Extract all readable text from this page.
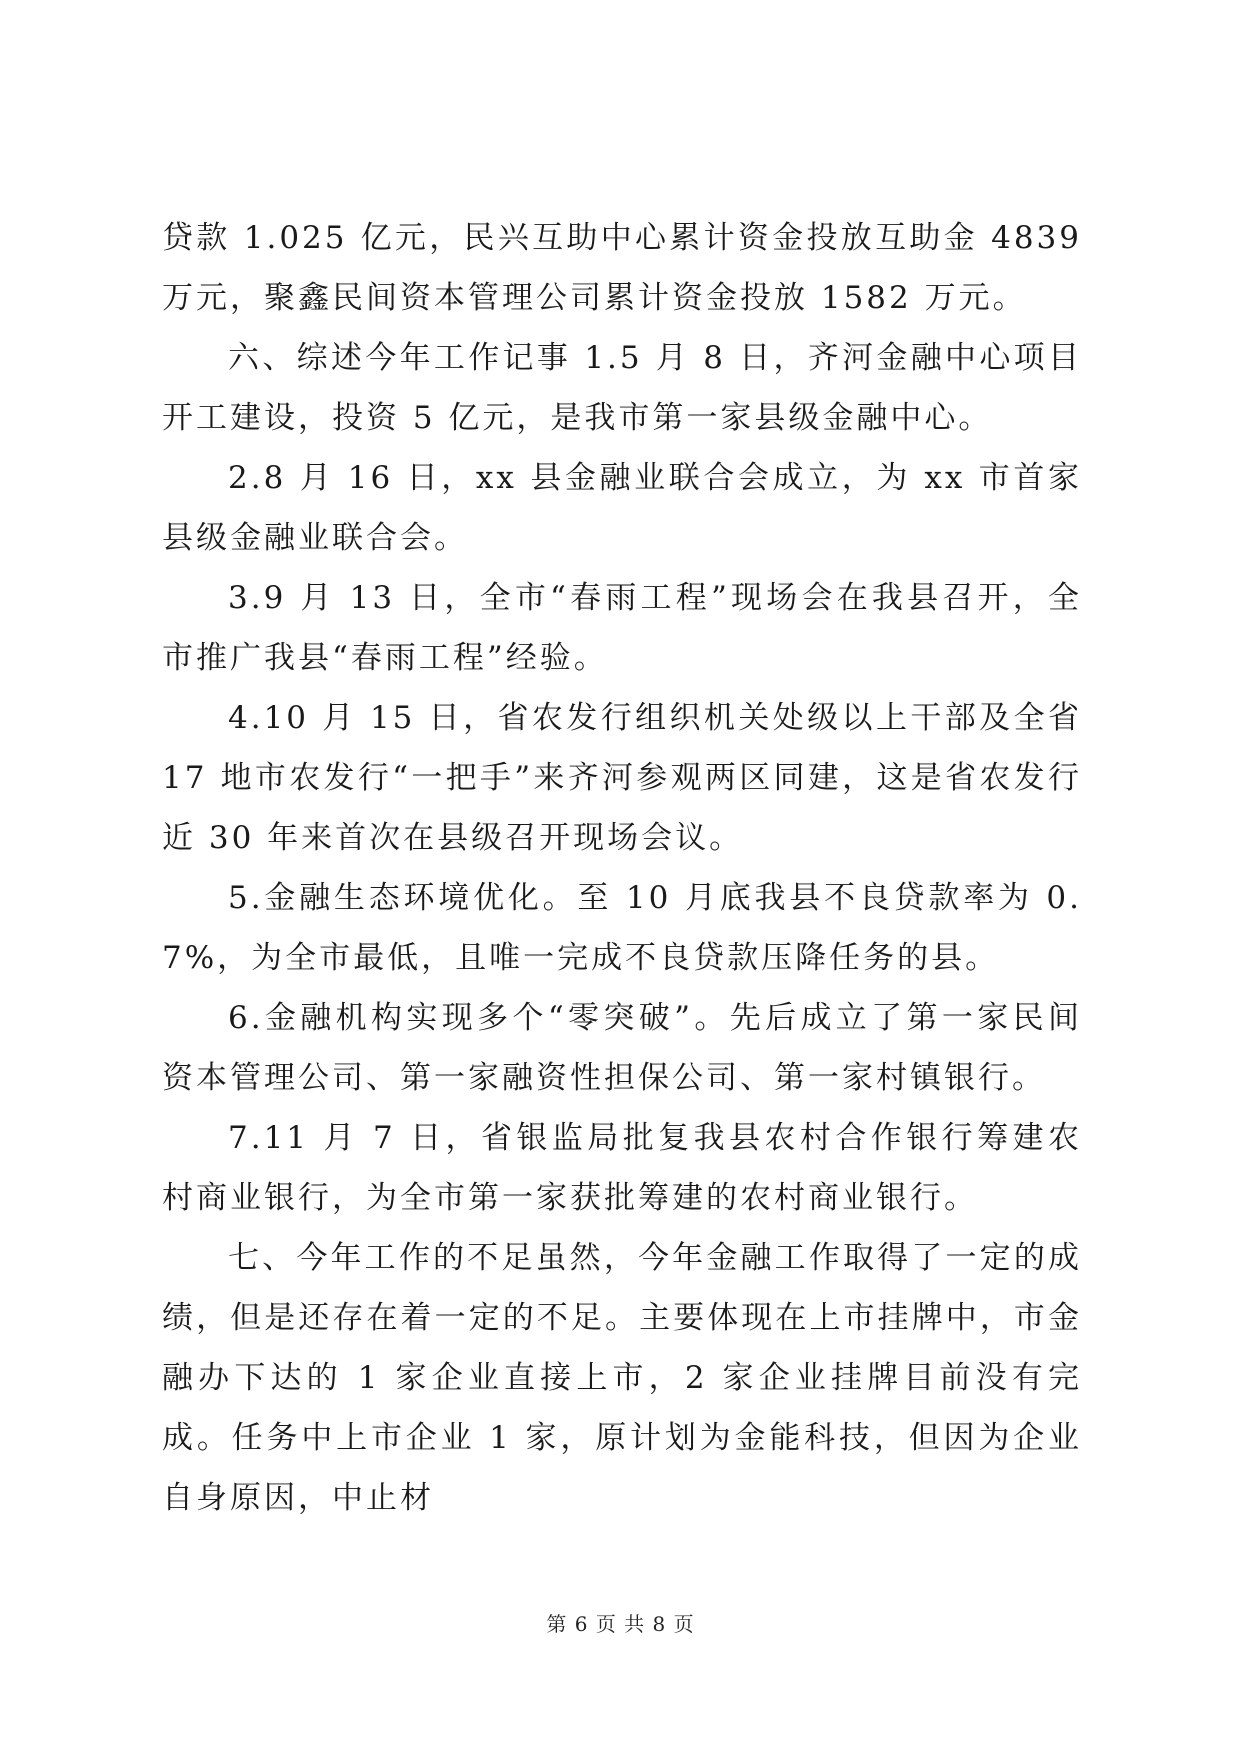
贷款 1.025 亿元，民兴互助中心累计资金投放互助金 4839 万元，聚鑫民间资本管理公司累计资金投放 1582 万元。

六、综述今年工作记事 1.5 月 8 日，齐河金融中心项目开工建设，投资 5 亿元，是我市第一家县级金融中心。

2.8 月 16 日，xx 县金融业联合会成立，为 xx 市首家县级金融业联合会。

3.9 月 13 日，全市“春雨工程”现场会在我县召开，全市推广我县“春雨工程”经验。

4.10 月 15 日，省农发行组织机关处级以上干部及全省 17 地市农发行“一把手”来齐河参观两区同建，这是省农发行近 30 年来首次在县级召开现场会议。

5.金融生态环境优化。至 10 月底我县不良贷款率为 0.7%，为全市最低，且唯一完成不良贷款压降任务的县。

6.金融机构实现多个“零突破”。先后成立了第一家民间资本管理公司、第一家融资性担保公司、第一家村镇银行。

7.11 月 7 日，省银监局批复我县农村合作银行筹建农村商业银行，为全市第一家获批筹建的农村商业银行。

七、今年工作的不足虽然，今年金融工作取得了一定的成绩，但是还存在着一定的不足。主要体现在上市挂牌中，市金融办下达的 1 家企业直接上市，2 家企业挂牌目前没有完成。任务中上市企业 1 家，原计划为金能科技，但因为企业自身原因，中止材

第 6 页 共 8 页
